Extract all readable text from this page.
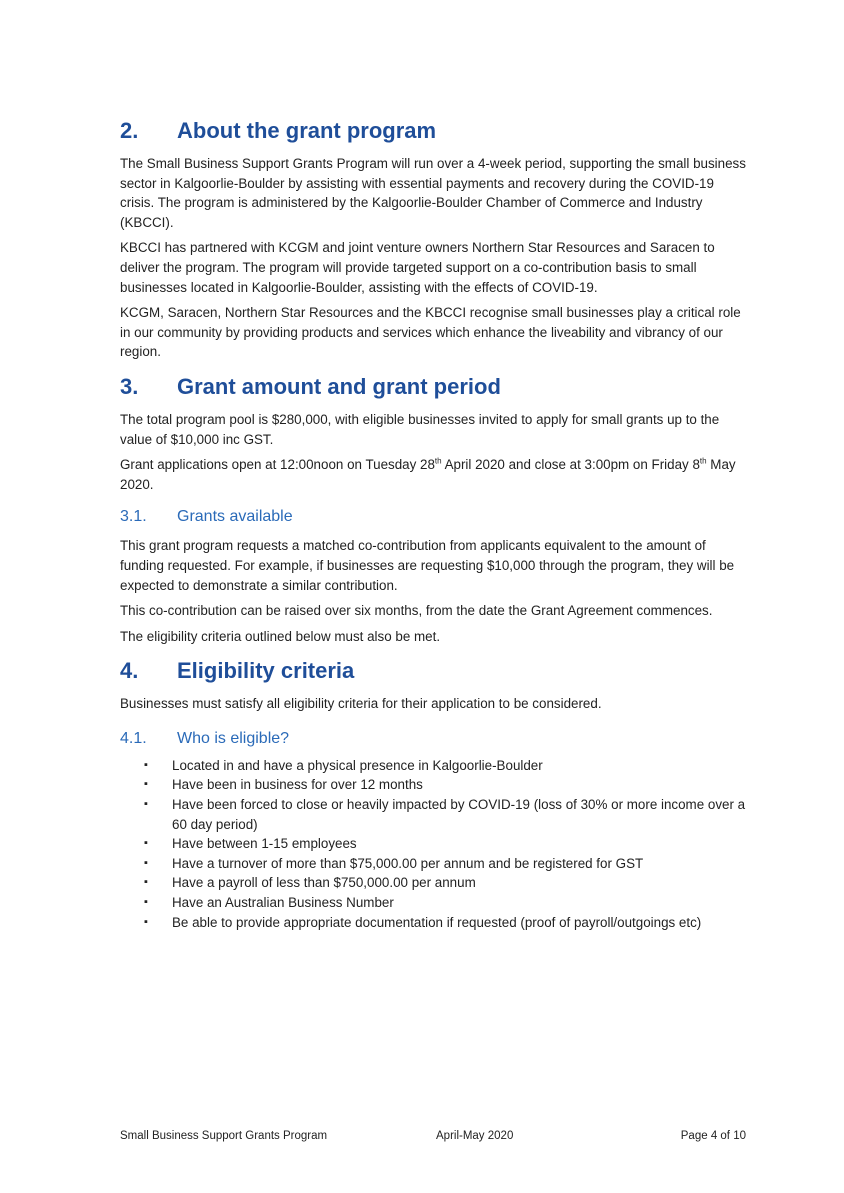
2.	About the grant program

The Small Business Support Grants Program will run over a 4-week period, supporting the small business sector in Kalgoorlie-Boulder by assisting with essential payments and recovery during the COVID-19 crisis. The program is administered by the Kalgoorlie-Boulder Chamber of Commerce and Industry (KBCCI).

KBCCI has partnered with KCGM and joint venture owners Northern Star Resources and Saracen to deliver the program. The program will provide targeted support on a co-contribution basis to small businesses located in Kalgoorlie-Boulder, assisting with the effects of COVID-19.

KCGM, Saracen, Northern Star Resources and the KBCCI recognise small businesses play a critical role in our community by providing products and services which enhance the liveability and vibrancy of our region.

3.	Grant amount and grant period

The total program pool is $280,000, with eligible businesses invited to apply for small grants up to the value of $10,000 inc GST.

Grant applications open at 12:00noon on Tuesday 28th April 2020 and close at 3:00pm on Friday 8th May 2020.

3.1.	Grants available

This grant program requests a matched co-contribution from applicants equivalent to the amount of funding requested. For example, if businesses are requesting $10,000 through the program, they will be expected to demonstrate a similar contribution.

This co-contribution can be raised over six months, from the date the Grant Agreement commences.

The eligibility criteria outlined below must also be met.

4.	Eligibility criteria

Businesses must satisfy all eligibility criteria for their application to be considered.

4.1.	Who is eligible?
▪ Located in and have a physical presence in Kalgoorlie-Boulder
▪ Have been in business for over 12 months
▪ Have been forced to close or heavily impacted by COVID-19 (loss of 30% or more income over a 60 day period)
▪ Have between 1-15 employees
▪ Have a turnover of more than $75,000.00 per annum and be registered for GST
▪ Have a payroll of less than $750,000.00 per annum
▪ Have an Australian Business Number
▪ Be able to provide appropriate documentation if requested (proof of payroll/outgoings etc)
Small Business Support Grants Program	April-May 2020	Page 4 of 10
